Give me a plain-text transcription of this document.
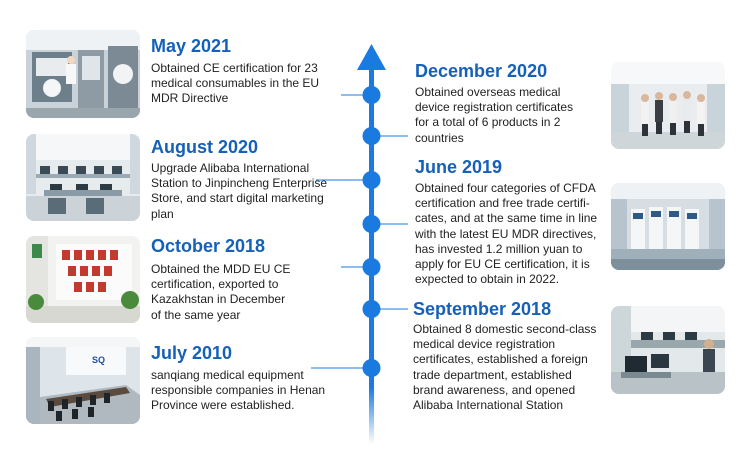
May 2021
Obtained CE certification for 23
medical consumables in the EU
MDR Directive
August 2020
Upgrade Alibaba International
Station to Jinpincheng Enterprise
Store, and start digital marketing
plan
October 2018
Obtained the MDD EU CE
certification, exported to
Kazakhstan in December
of the same year
SQ	July 2010
sanqiang medical equipment
responsible companies in Henan
Province were established.
December 2020
Obtained overseas medical
device registration certificates
for a total of 6 products in 2
countries
June 2019
Obtained four categories of CFDA
certification and free trade certifi-
cates, and at the same time in line
with the latest EU MDR directives,
has invested 1.2 million yuan to
apply for EU CE certification, it is
expected to obtain in 2022.
September 2018
Obtained 8 domestic second-class
medical device registration
certificates, established a foreign
trade department, established
brand awareness, and opened
Alibaba International Station
